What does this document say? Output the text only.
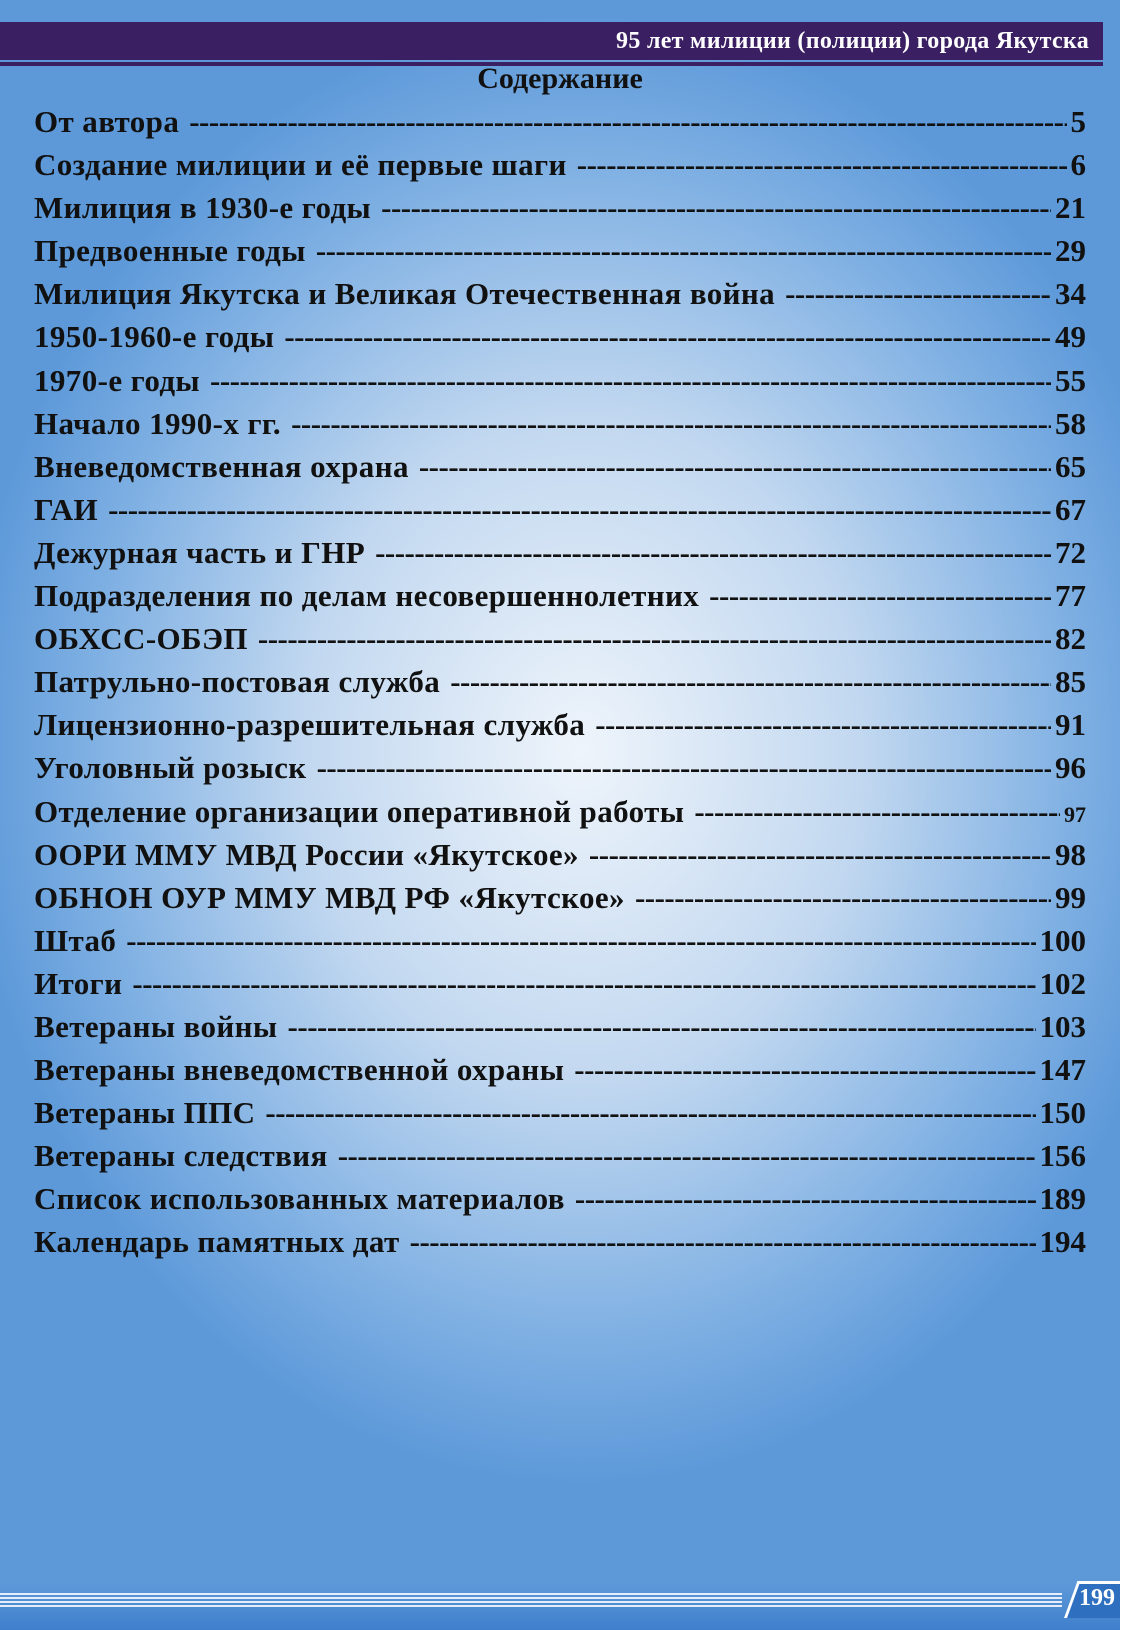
95 лет милиции (полиции) города Якутска
Содержание
От автора -----	5
Создание милиции и её первые шаги -----	6
Милиция в 1930-е годы -----	21
Предвоенные годы -----	29
Милиция Якутска и Великая Отечественная война -----	34
1950-1960-е годы -----	49
1970-е годы -----	55
Начало 1990-х гг. -----	58
Вневедомственная охрана -----	65
ГАИ -----	67
Дежурная часть и ГНР -----	72
Подразделения по делам несовершеннолетних -----	77
ОБХСС-ОБЭП -----	82
Патрульно-постовая служба -----	85
Лицензионно-разрешительная служба -----	91
Уголовный розыск -----	96
Отделение организации оперативной работы -----	97
ООРИ ММУ МВД России «Якутское» -----	98
ОБНОН ОУР ММУ МВД РФ «Якутское» -----	99
Штаб -----	100
Итоги -----	102
Ветераны войны -----	103
Ветераны вневедомственной охраны -----	147
Ветераны ППС -----	150
Ветераны следствия -----	156
Список использованных материалов -----	189
Календарь памятных дат -----	194
199
